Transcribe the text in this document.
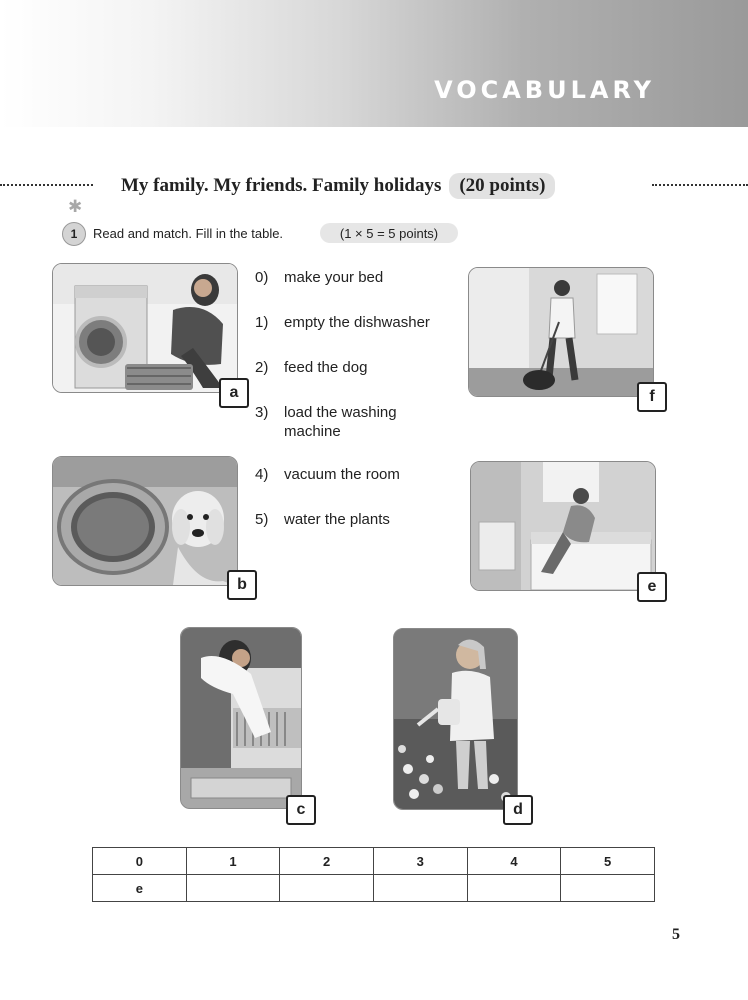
VOCABULARY
My family. My friends. Family holidays (20 points)
✱
1	Read and match. Fill in the table.	(1 × 5 = 5 points)
a	f
b	e
c	d
0) make your bed
1) empty the dishwasher
2) feed the dog
3) load the washing
machine
4) vacuum the room
5) water the plants
0	1	2	3	4	5
e					
5
